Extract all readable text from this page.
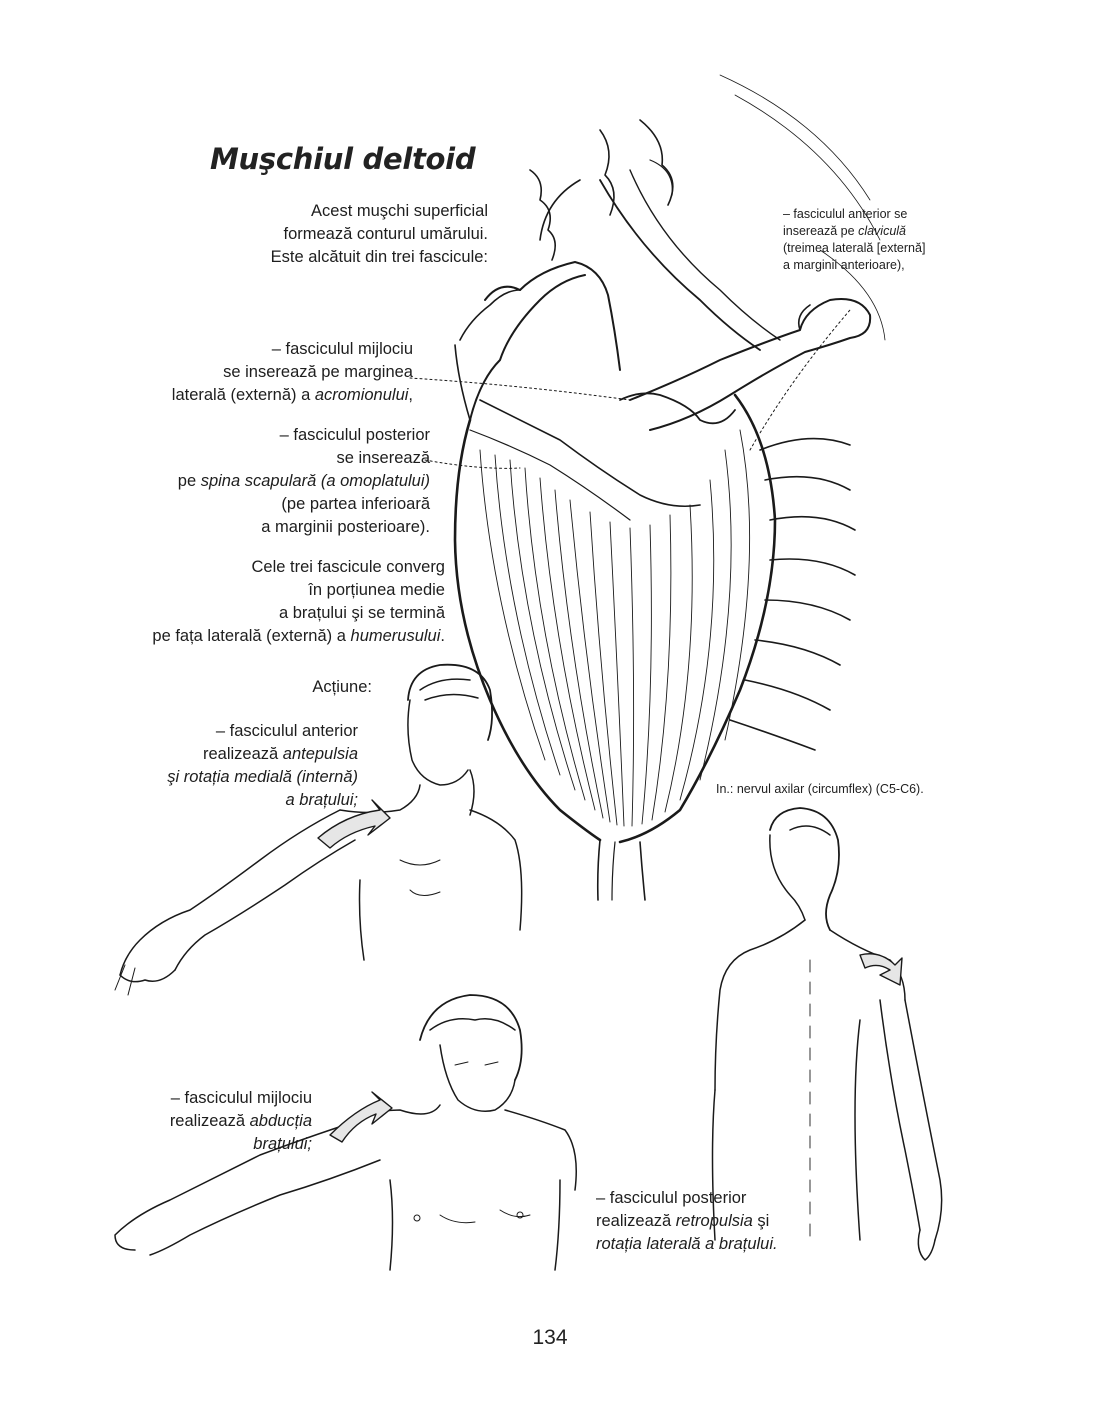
Muşchiul deltoid
Acest muşchi superficial
formează conturul umărului.
Este alcătuit din trei fascicule:
– fasciculul anterior se
inserează pe claviculă
(treimea laterală [externă]
a marginii anterioare),
– fasciculul mijlociu
se inserează pe marginea
laterală (externă) a acromionului,
– fasciculul posterior
se inserează
pe spina scapulară (a omoplatului)
(pe partea inferioară
a marginii posterioare).
Cele trei fascicule converg
în porțiunea medie
a brațului şi se termină
pe fața laterală (externă) a humerusului.
In.: nervul axilar (circumflex) (C5-C6).
Acțiune:
– fasciculul anterior
realizează antepulsia
şi rotația medială (internă)
a brațului;
– fasciculul mijlociu
realizează abducția
brațului;
– fasciculul posterior
realizează retropulsia şi
rotația laterală a brațului.
134
